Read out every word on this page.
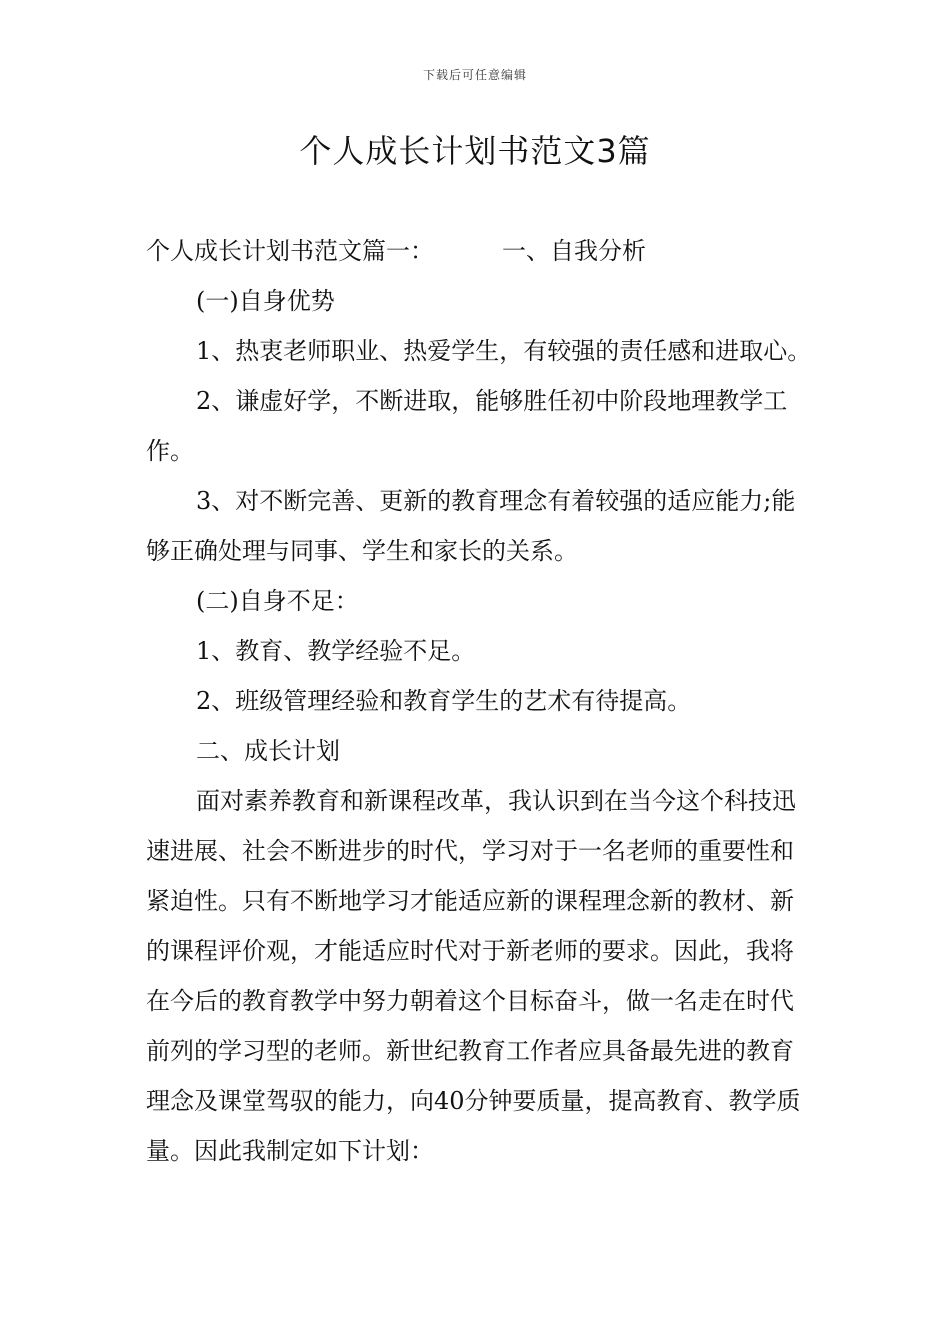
下载后可任意编辑
个人成长计划书范文3篇

个人成长计划书范文篇一：	一、自我分析

(一)自身优势

1、热衷老师职业、热爱学生，有较强的责任感和进取心。

2、谦虚好学，不断进取，能够胜任初中阶段地理教学工作。

3、对不断完善、更新的教育理念有着较强的适应能力;能够正确处理与同事、学生和家长的关系。

(二)自身不足：

1、教育、教学经验不足。

2、班级管理经验和教育学生的艺术有待提高。

二、成长计划

面对素养教育和新课程改革，我认识到在当今这个科技迅速进展、社会不断进步的时代，学习对于一名老师的重要性和紧迫性。只有不断地学习才能适应新的课程理念新的教材、新的课程评价观，才能适应时代对于新老师的要求。因此，我将在今后的教育教学中努力朝着这个目标奋斗，做一名走在时代前列的学习型的老师。新世纪教育工作者应具备最先进的教育理念及课堂驾驭的能力，向40分钟要质量，提高教育、教学质量。因此我制定如下计划：
